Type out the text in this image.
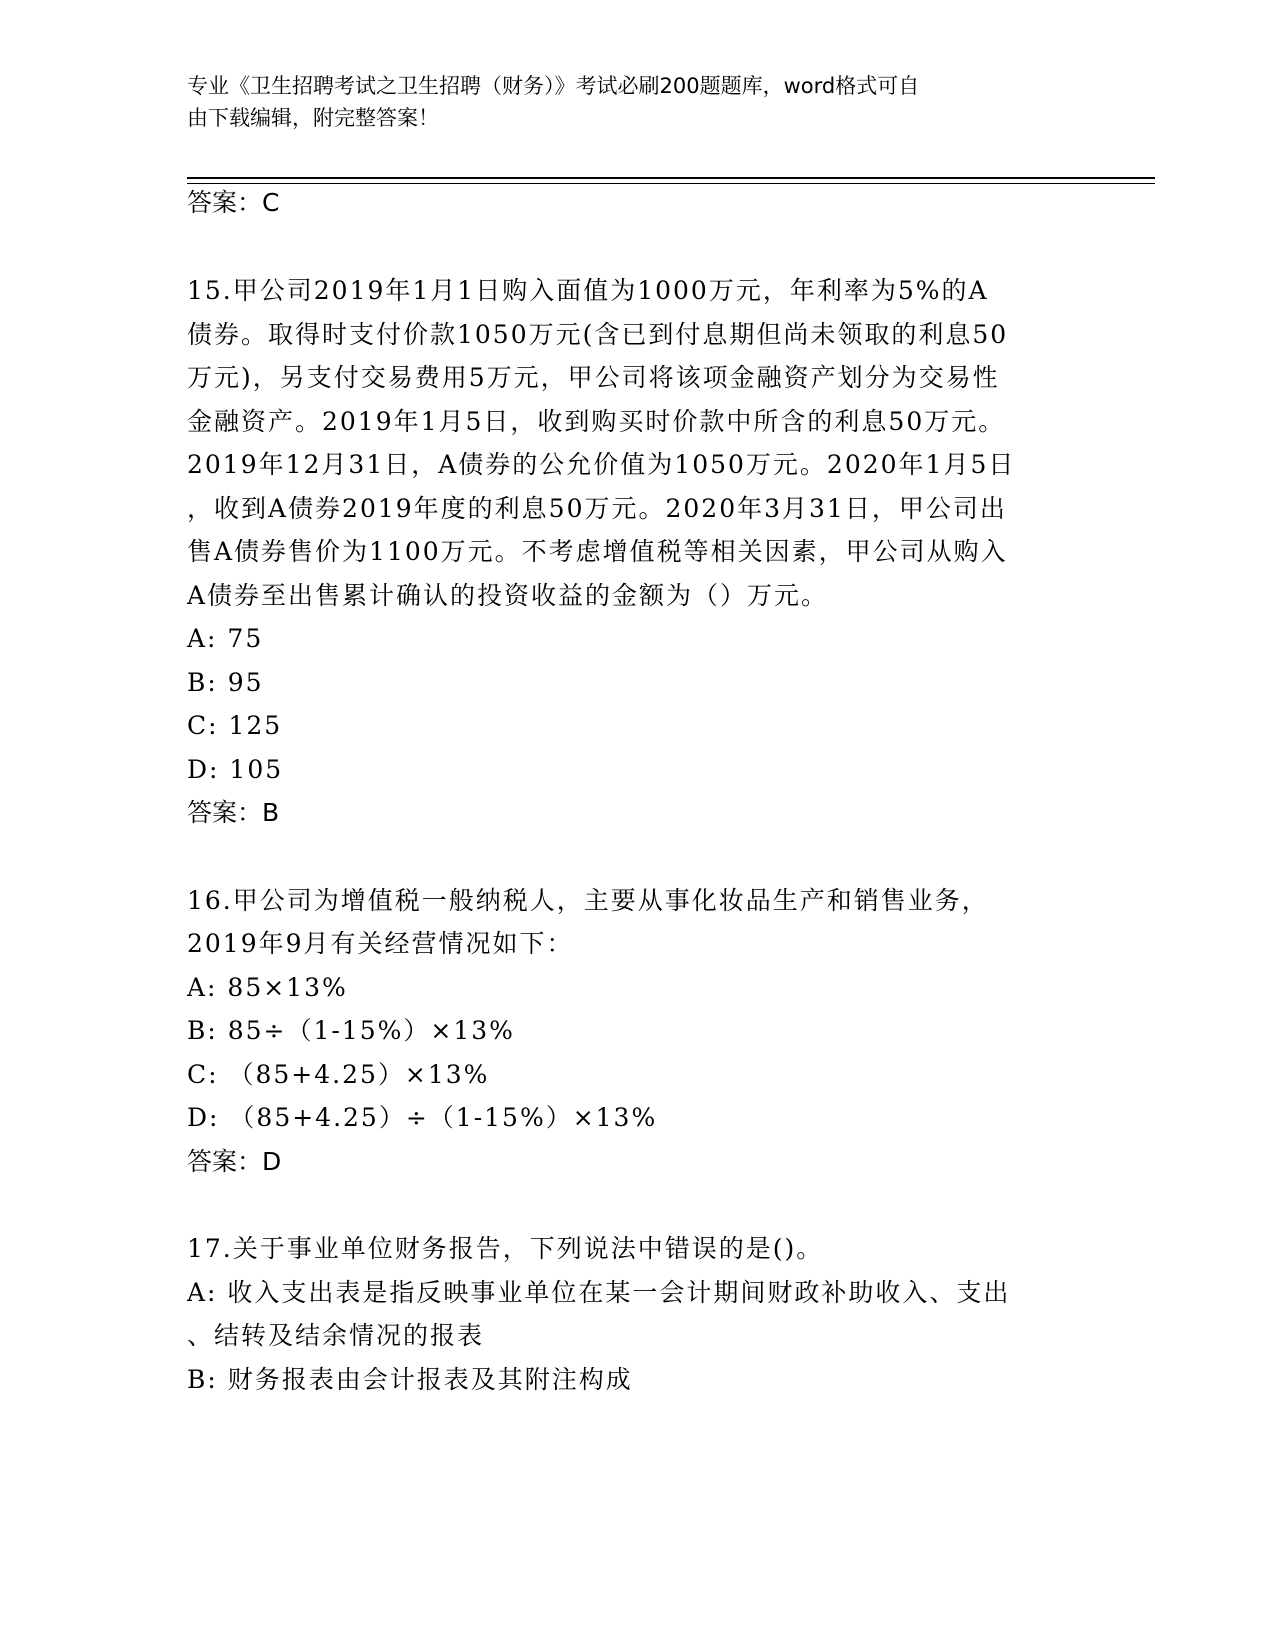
专业《卫生招聘考试之卫生招聘（财务）》考试必刷200题题库，word格式可自
由下载编辑，附完整答案！
答案：C
15.甲公司2019年1月1日购入面值为1000万元，年利率为5%的A
债券。取得时支付价款1050万元(含已到付息期但尚未领取的利息50
万元)，另支付交易费用5万元，甲公司将该项金融资产划分为交易性
金融资产。2019年1月5日，收到购买时价款中所含的利息50万元。
2019年12月31日，A债券的公允价值为1050万元。2020年1月5日
，收到A债券2019年度的利息50万元。2020年3月31日，甲公司出
售A债券售价为1100万元。不考虑增值税等相关因素，甲公司从购入
A债券至出售累计确认的投资收益的金额为（）万元。
A: 75
B: 95
C: 125
D: 105
答案：B
16.甲公司为增值税一般纳税人，主要从事化妆品生产和销售业务，
2019年9月有关经营情况如下：
A: 85×13%
B: 85÷（1-15%）×13%
C: （85+4.25）×13%
D: （85+4.25）÷（1-15%）×13%
答案：D
17.关于事业单位财务报告，下列说法中错误的是()。
A: 收入支出表是指反映事业单位在某一会计期间财政补助收入、支出
、结转及结余情况的报表
B: 财务报表由会计报表及其附注构成
